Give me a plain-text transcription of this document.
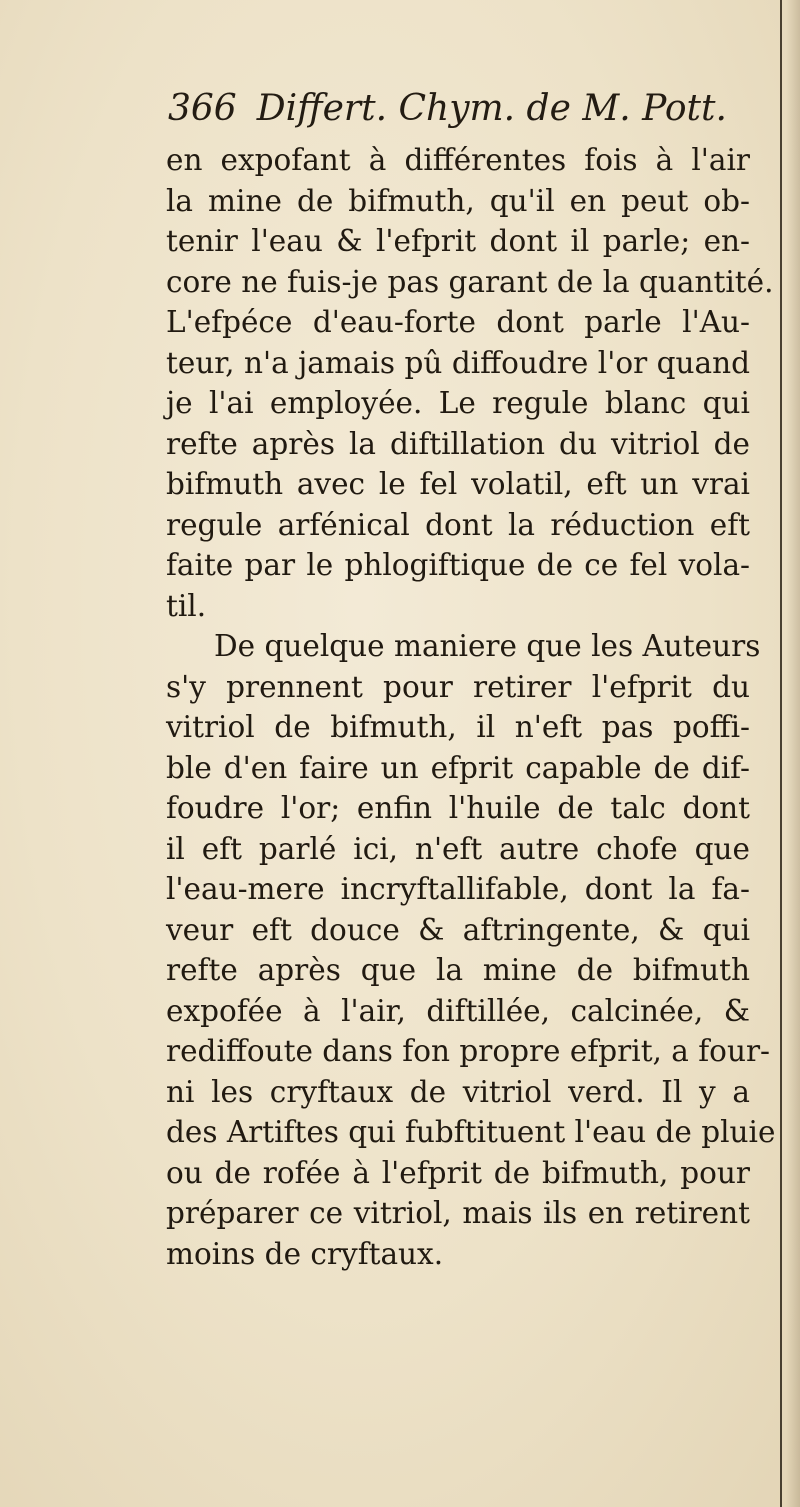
366 Differt. Chym. de M. Pott.
en expofant à différentes fois à l'air
la mine de bifmuth, qu'il en peut ob-
tenir l'eau & l'efprit dont il parle; en-
core ne fuis-je pas garant de la quantité.
L'efpéce d'eau-forte dont parle l'Au-
teur, n'a jamais pû diffoudre l'or quand
je l'ai employée. Le regule blanc qui
refte après la diftillation du vitriol de
bifmuth avec le fel volatil, eft un vrai
regule arfénical dont la réduction eft
faite par le phlogiftique de ce fel vola-
til.
De quelque maniere que les Auteurs
s'y prennent pour retirer l'efprit du
vitriol de bifmuth, il n'eft pas poffi-
ble d'en faire un efprit capable de dif-
foudre l'or; enfin l'huile de talc dont
il eft parlé ici, n'eft autre chofe que
l'eau-mere incryftallifable, dont la fa-
veur eft douce & aftringente, & qui
refte après que la mine de bifmuth
expofée à l'air, diftillée, calcinée, &
rediffoute dans fon propre efprit, a four-
ni les cryftaux de vitriol verd. Il y a
des Artiftes qui fubftituent l'eau de pluie
ou de rofée à l'efprit de bifmuth, pour
préparer ce vitriol, mais ils en retirent
moins de cryftaux.
